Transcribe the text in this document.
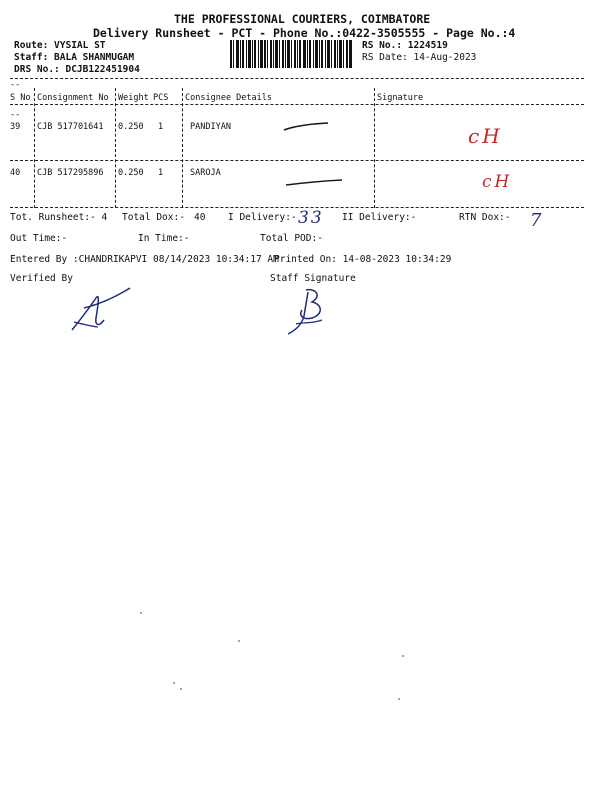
THE PROFESSIONAL COURIERS, COIMBATORE
Delivery Runsheet - PCT - Phone No.:0422-3505555 - Page No.:4
Route: VYSIAL ST
Staff: BALA SHANMUGAM
DRS No.: DCJB122451904
RS No.: 1224519
RS Date: 14-Aug-2023
--
--
S No Consignment No Weight PCS Consignee Details	Signature
39 CJB 517701641 0.250 1	PANDIYAN	cH
40 CJB 517295896 0.250 1	SAROJA	cH
Tot. Runsheet:- 4 Total Dox:- 40 I Delivery:- 33 II Delivery:-	RTN Dox:- 7
Out Time:-	In Time:-	Total POD:-
Entered By :CHANDRIKAPVI 08/14/2023 10:34:17 AM
Printed On: 14-08-2023 10:34:29
Verified By	Staff Signature
